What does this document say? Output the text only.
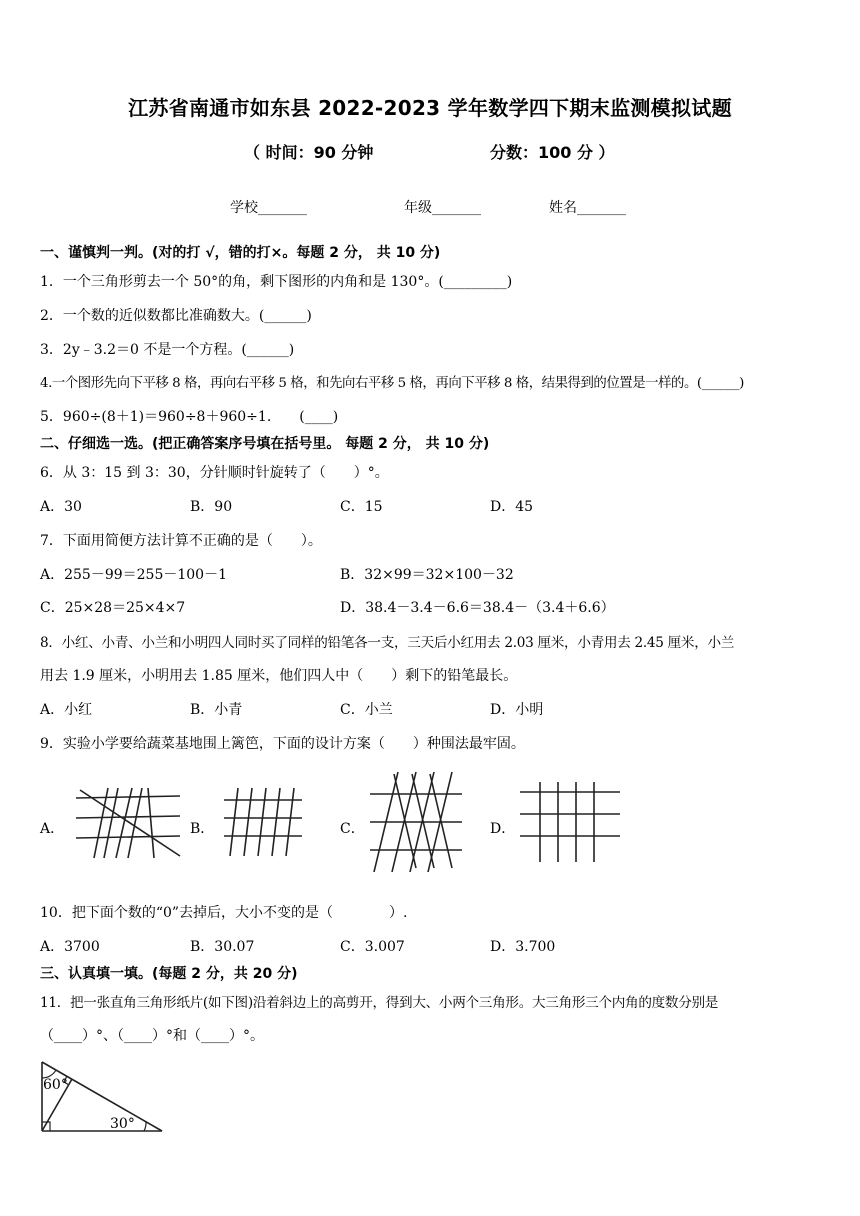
江苏省南通市如东县 2022-2023 学年数学四下期末监测模拟试题
（ 时间：90 分钟	分数：100 分 ）
学校_______	年级_______	姓名_______
一、谨慎判一判。(对的打 √，错的打×。每题 2 分， 共 10 分)
1．一个三角形剪去一个 50°的角，剩下图形的内角和是 130°。(_________)
2．一个数的近似数都比准确数大。(______)
3．2y﹣3.2＝0 不是一个方程。(______)
4.一个图形先向下平移 8 格，再向右平移 5 格，和先向右平移 5 格，再向下平移 8 格，结果得到的位置是一样的。(______)
5．960÷(8＋1)＝960÷8＋960÷1.　　(____)
二、仔细选一选。(把正确答案序号填在括号里。 每题 2 分， 共 10 分)
6．从 3：15 到 3：30，分针顺时针旋转了（　　）°。
A．30	B．90	C．15	D．45
7．下面用简便方法计算不正确的是（　　）。
A．255－99＝255－100－1	B．32×99＝32×100－32
C．25×28＝25×4×7	D．38.4－3.4－6.6＝38.4－（3.4＋6.6）
8．小红、小青、小兰和小明四人同时买了同样的铅笔各一支，三天后小红用去 2.03 厘米，小青用去 2.45 厘米，小兰
用去 1.9 厘米，小明用去 1.85 厘米，他们四人中（　　）剩下的铅笔最长。
A．小红	B．小青	C．小兰	D．小明
9．实验小学要给蔬菜基地围上篱笆，下面的设计方案（　　）种围法最牢固。
A．	B．	C．	D．
10．把下面个数的“0”去掉后，大小不变的是（　　　　）.
A．3700	B．30.07	C．3.007	D．3.700
三、认真填一填。(每题 2 分，共 20 分)
11．把一张直角三角形纸片(如下图)沿着斜边上的高剪开，得到大、小两个三角形。大三角形三个内角的度数分别是
（____）°、（____）°和（____）°。
60°
30°
